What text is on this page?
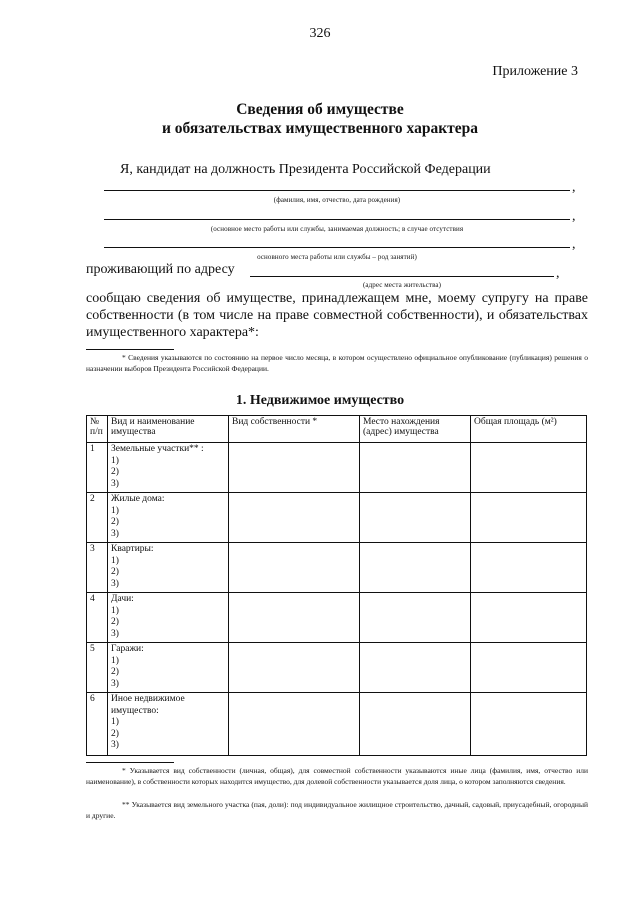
326
Приложение 3
Сведения об имуществе
и обязательствах имущественного характера
Я, кандидат на должность Президента Российской Федерации
,
(фамилия, имя, отчество, дата рождения)
,
(основное место работы или службы, занимаемая должность; в случае отсутствия
,
основного места работы или службы – род занятий)
проживающий по адресу	,
(адрес места жительства)
сообщаю сведения об имуществе, принадлежащем мне, моему супругу на праве собственности (в том числе на праве совместной собственности), и обязательствах имущественного характера*:
* Сведения указываются по состоянию на первое число месяца, в котором осуществлено официальное опубликование (публикация) решения о назначении выборов Президента Российской Федерации.
1. Недвижимое имущество
№ п/п	Вид и наименование имущества	Вид собственности *	Место нахождения (адрес) имущества	Общая площадь (м²)
1	Земельные участки** :
1)
2)
3)			

2	Жилые дома:
1)
2)
3)			

3	Квартиры:
1)
2)
3)			

4	Дачи:
1)
2)
3)			

5	Гаражи:
1)
2)
3)			

6	Иное недвижимое имущество:
1)
2)
3)			

* Указывается вид собственности (личная, общая), для совместной собственности указываются иные лица (фамилия, имя, отчество или наименование), в собственности которых находится имущество, для долевой собственности указывается доля лица, о котором заполняются сведения.
** Указывается вид земельного участка (пая, доли): под индивидуальное жилищное строительство, дачный, садовый, приусадебный, огородный и другие.
